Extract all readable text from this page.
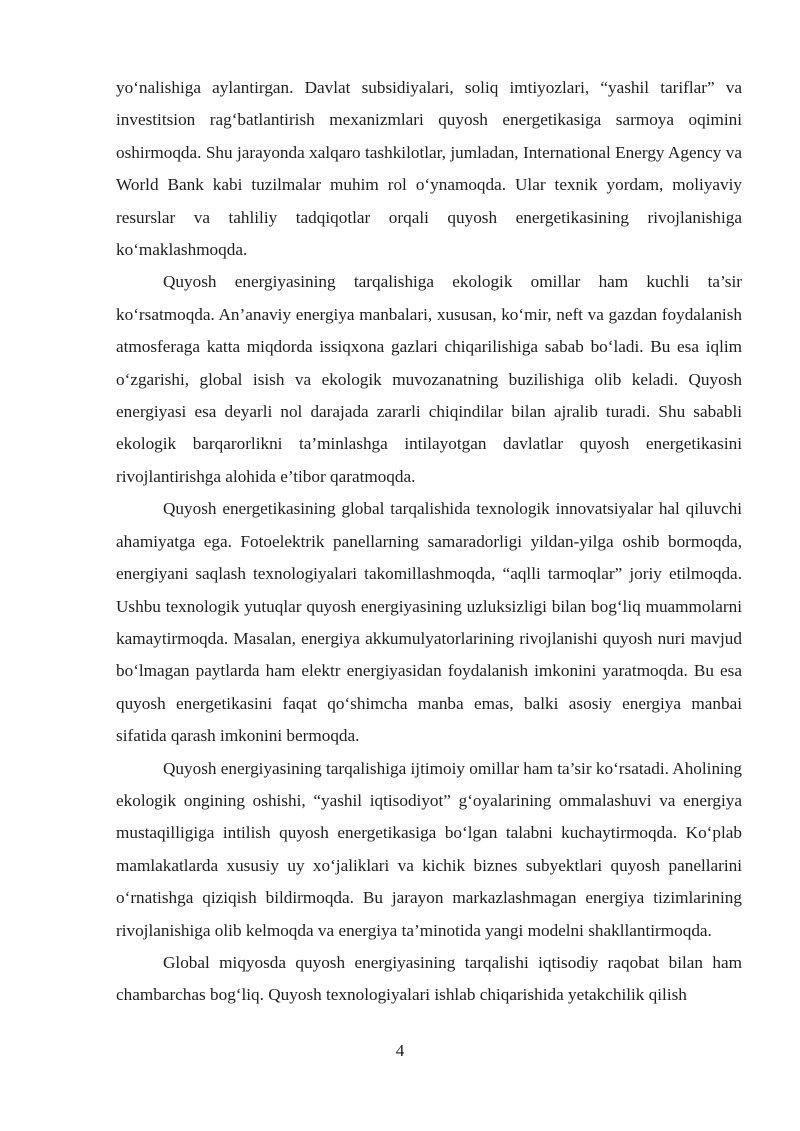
yo‘nalishiga aylantirgan. Davlat subsidiyalari, soliq imtiyozlari, “yashil tariflar” va investitsion rag‘batlantirish mexanizmlari quyosh energetikasiga sarmoya oqimini oshirmoqda. Shu jarayonda xalqaro tashkilotlar, jumladan, International Energy Agency va World Bank kabi tuzilmalar muhim rol o‘ynamoqda. Ular texnik yordam, moliyaviy resurslar va tahliliy tadqiqotlar orqali quyosh energetikasining rivojlanishiga ko‘maklashmoqda.

Quyosh energiyasining tarqalishiga ekologik omillar ham kuchli ta’sir ko‘rsatmoqda. An’anaviy energiya manbalari, xususan, ko‘mir, neft va gazdan foydalanish atmosferaga katta miqdorda issiqxona gazlari chiqarilishiga sabab bo‘ladi. Bu esa iqlim o‘zgarishi, global isish va ekologik muvozanatning buzilishiga olib keladi. Quyosh energiyasi esa deyarli nol darajada zararli chiqindilar bilan ajralib turadi. Shu sababli ekologik barqarorlikni ta’minlashga intilayotgan davlatlar quyosh energetikasini rivojlantirishga alohida e’tibor qaratmoqda.

Quyosh energetikasining global tarqalishida texnologik innovatsiyalar hal qiluvchi ahamiyatga ega. Fotoelektrik panellarning samaradorligi yildan-yilga oshib bormoqda, energiyani saqlash texnologiyalari takomillashmoqda, “aqlli tarmoqlar” joriy etilmoqda. Ushbu texnologik yutuqlar quyosh energiyasining uzluksizligi bilan bog‘liq muammolarni kamaytirmoqda. Masalan, energiya akkumulyatorlarining rivojlanishi quyosh nuri mavjud bo‘lmagan paytlarda ham elektr energiyasidan foydalanish imkonini yaratmoqda. Bu esa quyosh energetikasini faqat qo‘shimcha manba emas, balki asosiy energiya manbai sifatida qarash imkonini bermoqda.

Quyosh energiyasining tarqalishiga ijtimoiy omillar ham ta’sir ko‘rsatadi. Aholining ekologik ongining oshishi, “yashil iqtisodiyot” g‘oyalarining ommalashuvi va energiya mustaqilligiga intilish quyosh energetikasiga bo‘lgan talabni kuchaytirmoqda. Ko‘plab mamlakatlarda xususiy uy xo‘jaliklari va kichik biznes subyektlari quyosh panellarini o‘rnatishga qiziqish bildirmoqda. Bu jarayon markazlashmagan energiya tizimlarining rivojlanishiga olib kelmoqda va energiya ta’minotida yangi modelni shakllantirmoqda.

Global miqyosda quyosh energiyasining tarqalishi iqtisodiy raqobat bilan ham chambarchas bog‘liq. Quyosh texnologiyalari ishlab chiqarishida yetakchilik qilish

4
